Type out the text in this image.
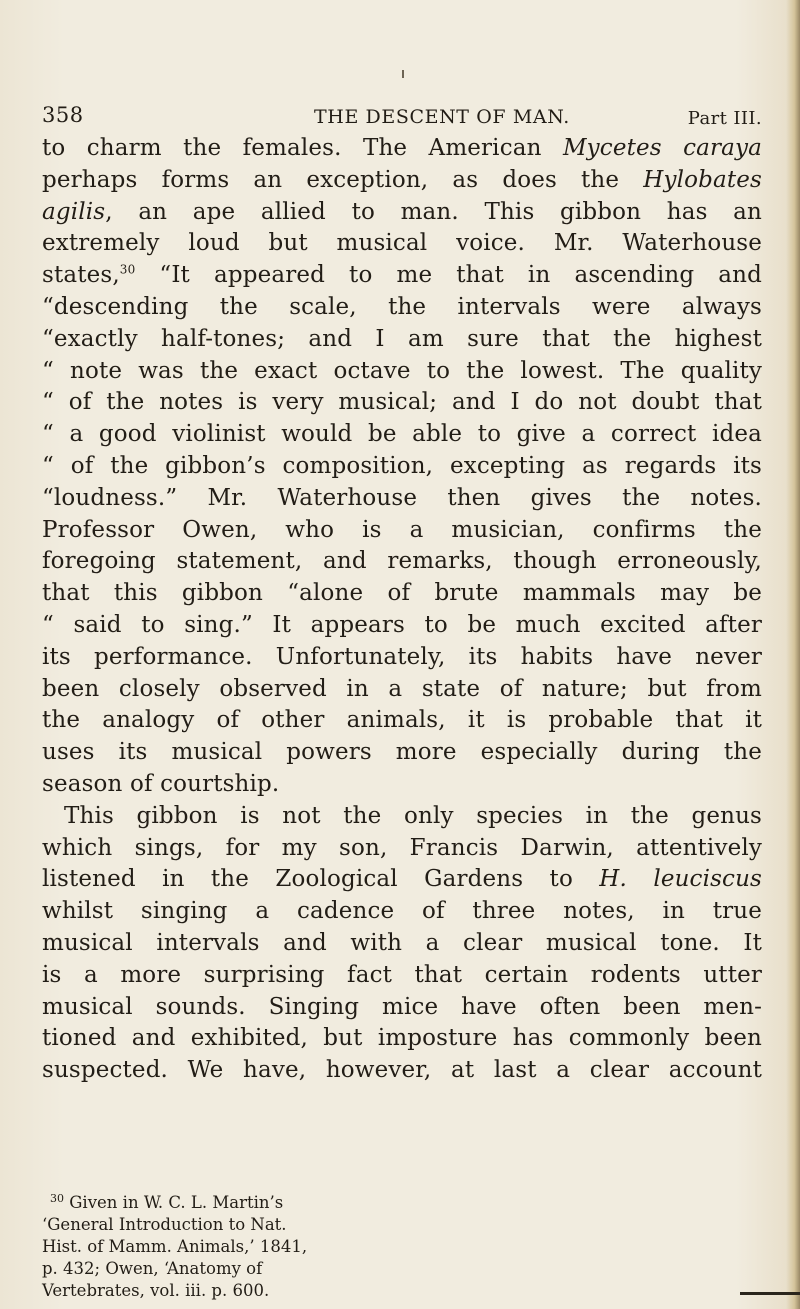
358	THE DESCENT OF MAN.	Part III.
to charm the females. The American Mycetes caraya
perhaps forms an exception, as does the Hylobates
agilis, an ape allied to man. This gibbon has an
extremely loud but musical voice. Mr. Waterhouse
states,$^{30}$ “It appeared to me that in ascending and
“descending the scale, the intervals were always
“exactly half-tones; and I am sure that the highest
“ note was the exact octave to the lowest. The quality
“ of the notes is very musical; and I do not doubt that
“ a good violinist would be able to give a correct idea
“ of the gibbon’s composition, excepting as regards its
“loudness.” Mr. Waterhouse then gives the notes.
Professor Owen, who is a musician, confirms the
foregoing statement, and remarks, though erroneously,
that this gibbon “alone of brute mammals may be
“ said to sing.” It appears to be much excited after
its performance. Unfortunately, its habits have never
been closely observed in a state of nature; but from
the analogy of other animals, it is probable that it
uses its musical powers more especially during the
season of courtship.
This gibbon is not the only species in the genus
which sings, for my son, Francis Darwin, attentively
listened in the Zoological Gardens to H. leuciscus
whilst singing a cadence of three notes, in true
musical intervals and with a clear musical tone. It
is a more surprising fact that certain rodents utter
musical sounds. Singing mice have often been men-
tioned and exhibited, but imposture has commonly been
suspected. We have, however, at last a clear account
$^{30}$ Given in W. C. L. Martin’s
‘General Introduction to Nat.
Hist. of Mamm. Animals,’ 1841,

p. 432; Owen, ‘Anatomy of
Vertebrates, vol. iii. p. 600.
